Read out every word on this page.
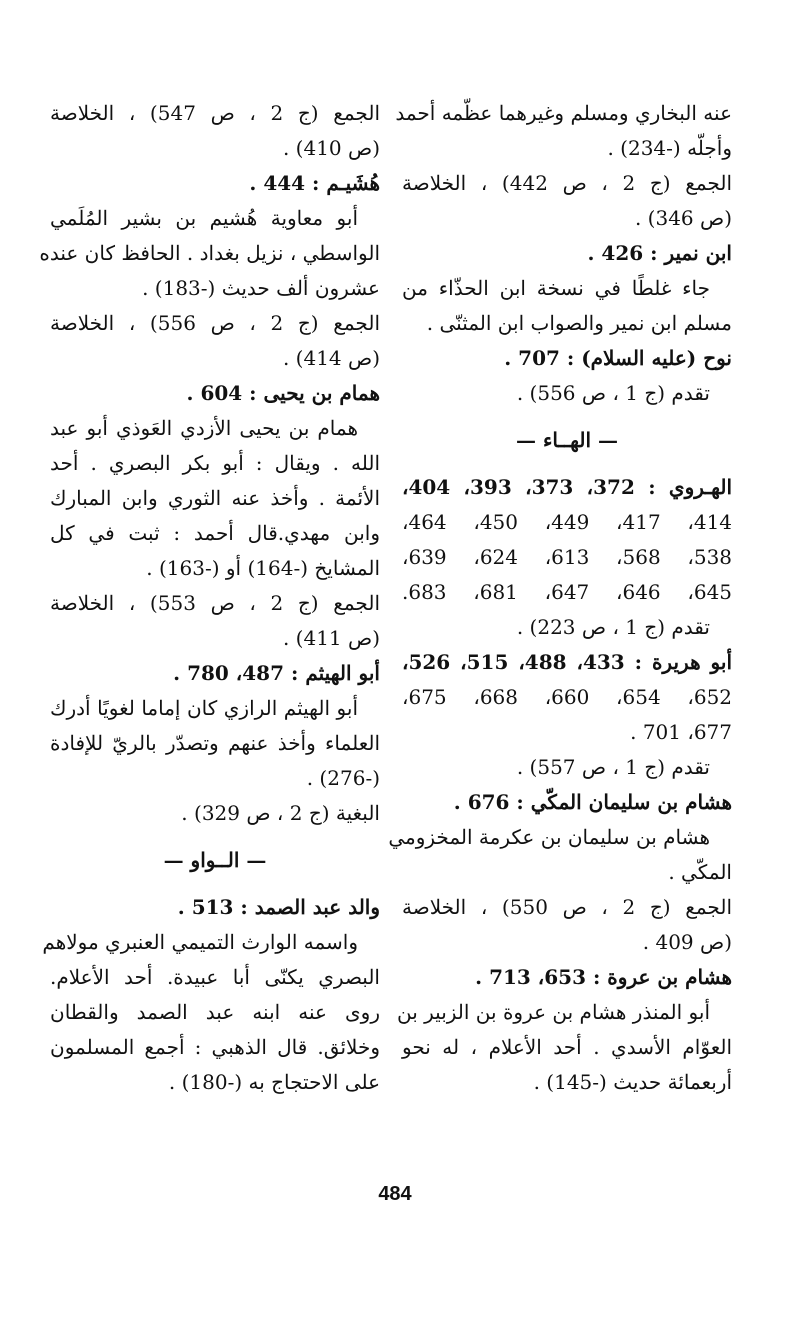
عنه البخاري ومسلم وغيرهما عظّمه أحمد
وأجلّه (-234) .
الجمع (ج 2 ، ص 442) ، الخلاصة
(ص 346) .
ابن نمير : 426 .
جاء غلطًا في نسخة ابن الحذّاء من
مسلم ابن نمير والصواب ابن المثنّى .
نوح (عليه السلام) : 707 .
تقدم (ج 1 ، ص 556) .
— الهــاء —
الهـروي : 372، 373، 393، 404،
414، 417، 449، 450، 464،
538، 568، 613، 624، 639،
645، 646، 647، 681، 683.
تقدم (ج 1 ، ص 223) .
أبو هريرة : 433، 488، 515، 526،
652، 654، 660، 668، 675،
677، 701 .
تقدم (ج 1 ، ص 557) .
هشام بن سليمان المكّي : 676 .
هشام بن سليمان بن عكرمة المخزومي
المكّي .
الجمع (ج 2 ، ص 550) ، الخلاصة
(ص 409 .
هشام بن عروة : 653، 713 .
أبو المنذر هشام بن عروة بن الزبير بن
العوّام الأسدي . أحد الأعلام ، له نحو
أربعمائة حديث (-145) .
الجمع (ج 2 ، ص 547) ، الخلاصة
(ص 410) .
هُشَيـم : 444 .
أبو معاوية هُشيم بن بشير المُلَمي
الواسطي ، نزيل بغداد . الحافظ كان عنده
عشرون ألف حديث (-183) .
الجمع (ج 2 ، ص 556) ، الخلاصة
(ص 414) .
همام بن يحيى : 604 .
همام بن يحيى الأزدي العَوذي أبو عبد
الله . ويقال : أبو بكر البصري . أحد
الأئمة . وأخذ عنه الثوري وابن المبارك
وابن مهدي.قال أحمد : ثبت في كل
المشايخ (-164) أو (-163) .
الجمع (ج 2 ، ص 553) ، الخلاصة
(ص 411) .
أبو الهيثم : 487، 780 .
أبو الهيثم الرازي كان إماما لغويًا أدرك
العلماء وأخذ عنهم وتصدّر بالريّ للإفادة
(-276) .
البغية (ج 2 ، ص 329) .
— الــواو —
والد عبد الصمد : 513 .
واسمه الوارث التميمي العنبري مولاهم
البصري يكنّى أبا عبيدة. أحد الأعلام.
روى عنه ابنه عبد الصمد والقطان
وخلائق. قال الذهبي : أجمع المسلمون
على الاحتجاج به (-180) .
484
